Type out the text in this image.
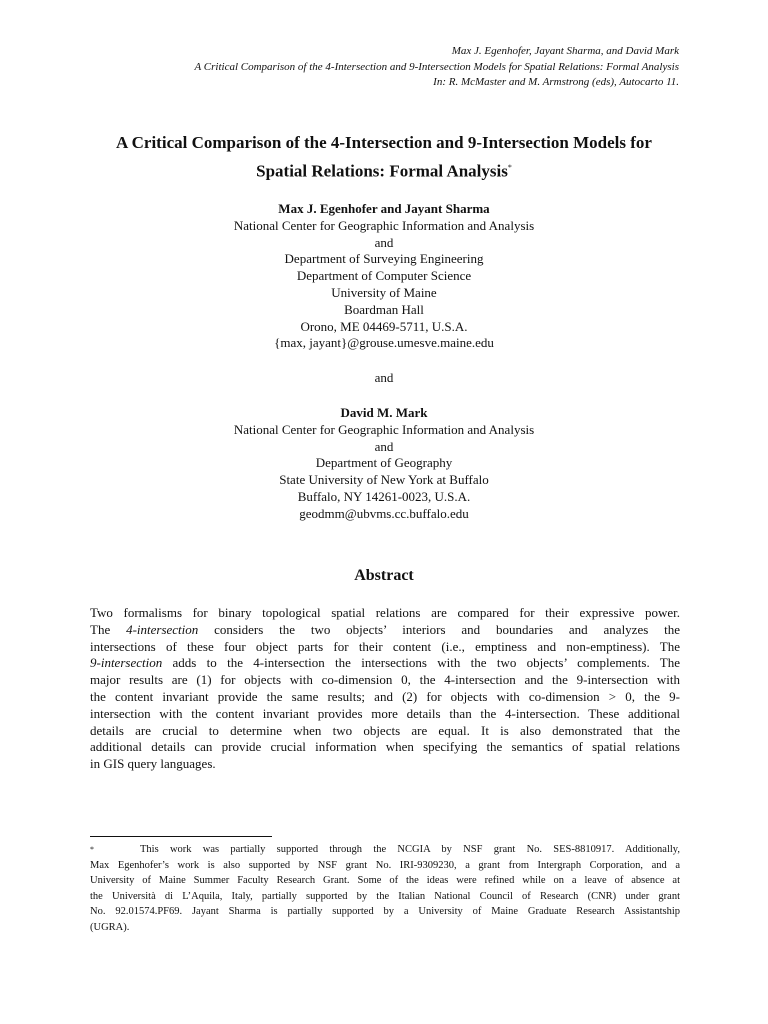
Max J. Egenhofer, Jayant Sharma, and David Mark
A Critical Comparison of the 4-Intersection and 9-Intersection Models for Spatial Relations: Formal Analysis
In: R. McMaster and M. Armstrong (eds), Autocarto 11.
A Critical Comparison of the 4-Intersection and 9-Intersection Models for
Spatial Relations: Formal Analysis*
Max J. Egenhofer and Jayant Sharma
National Center for Geographic Information and Analysis
and
Department of Surveying Engineering
Department of Computer Science
University of Maine
Boardman Hall
Orono, ME 04469-5711, U.S.A.
{max, jayant}@grouse.umesve.maine.edu
and
David M. Mark
National Center for Geographic Information and Analysis
and
Department of Geography
State University of New York at Buffalo
Buffalo, NY 14261-0023, U.S.A.
geodmm@ubvms.cc.buffalo.edu
Abstract
Two formalisms for binary topological spatial relations are compared for their expressive power.
The 4-intersection considers the two objects’ interiors and boundaries and analyzes the
intersections of these four object parts for their content (i.e., emptiness and non-emptiness). The
9-intersection adds to the 4-intersection the intersections with the two objects’ complements. The
major results are (1) for objects with co-dimension 0, the 4-intersection and the 9-intersection with
the content invariant provide the same results; and (2) for objects with co-dimension > 0, the 9-
intersection with the content invariant provides more details than the 4-intersection. These additional
details are crucial to determine when two objects are equal. It is also demonstrated that the
additional details can provide crucial information when specifying the semantics of spatial relations
in GIS query languages.
*	This work was partially supported through the NCGIA by NSF grant No. SES-8810917. Additionally,
Max Egenhofer’s work is also supported by NSF grant No. IRI-9309230, a grant from Intergraph Corporation, and a
University of Maine Summer Faculty Research Grant. Some of the ideas were refined while on a leave of absence at
the Università di L’Aquila, Italy, partially supported by the Italian National Council of Research (CNR) under grant
No. 92.01574.PF69. Jayant Sharma is partially supported by a University of Maine Graduate Research Assistantship
(UGRA).
